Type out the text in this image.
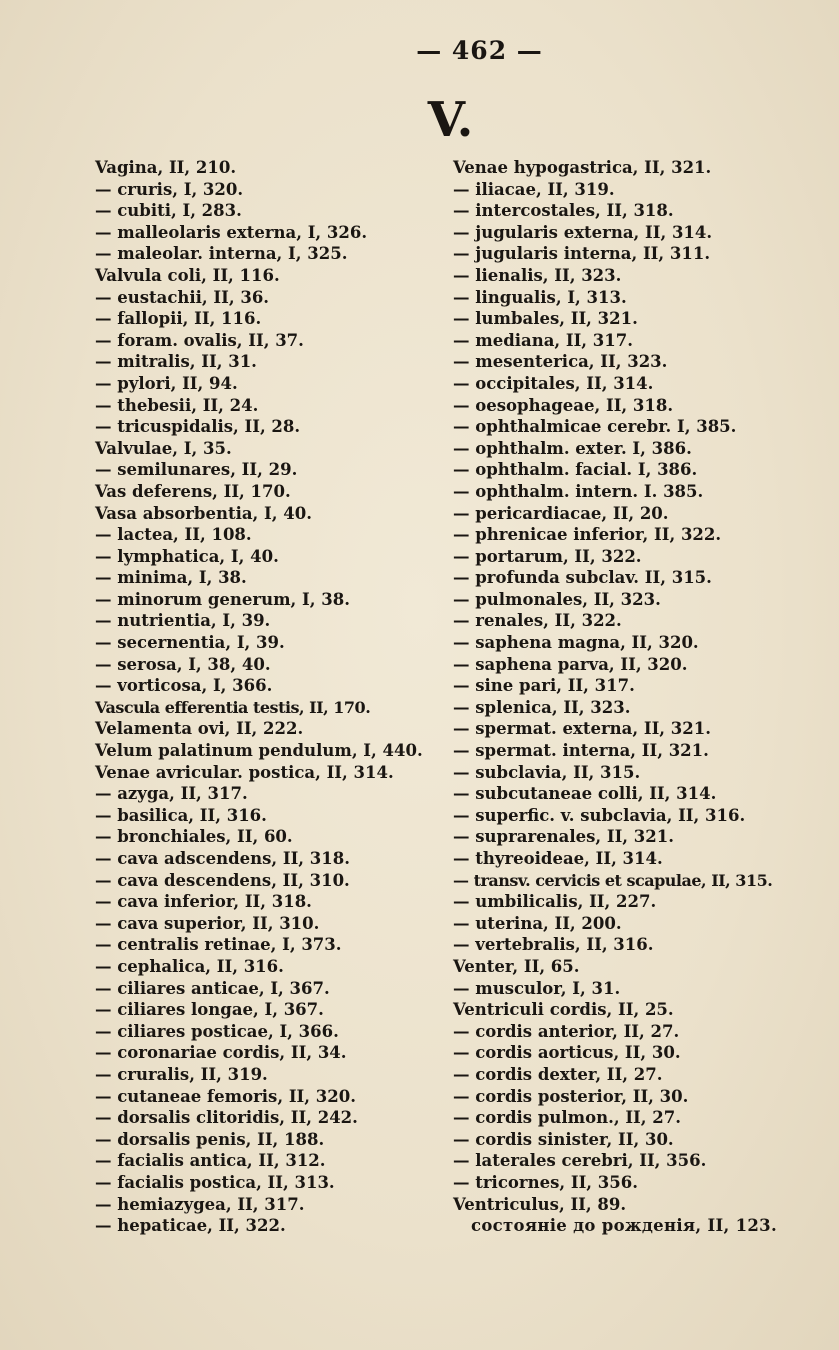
— 462 —
V.
Vagina, II, 210.
— cruris, I, 320.
— cubiti, I, 283.
— malleolaris externa, I, 326.
— maleolar. interna, I, 325.
Valvula coli, II, 116.
— eustachii, II, 36.
— fallopii, II, 116.
— foram. ovalis, II, 37.
— mitralis, II, 31.
— pylori, II, 94.
— thebesii, II, 24.
— tricuspidalis, II, 28.
Valvulae, I, 35.
— semilunares, II, 29.
Vas deferens, II, 170.
Vasa absorbentia, I, 40.
— lactea, II, 108.
— lymphatica, I, 40.
— minima, I, 38.
— minorum generum, I, 38.
— nutrientia, I, 39.
— secernentia, I, 39.
— serosa, I, 38, 40.
— vorticosa, I, 366.
Vascula efferentia testis, II, 170.
Velamenta ovi, II, 222.
Velum palatinum pendulum, I, 440.
Venae avricular. postica, II, 314.
— azyga, II, 317.
— basilica, II, 316.
— bronchiales, II, 60.
— cava adscendens, II, 318.
— cava descendens, II, 310.
— cava inferior, II, 318.
— cava superior, II, 310.
— centralis retinae, I, 373.
— cephalica, II, 316.
— ciliares anticae, I, 367.
— ciliares longae, I, 367.
— ciliares posticae, I, 366.
— coronariae cordis, II, 34.
— cruralis, II, 319.
— cutaneae femoris, II, 320.
— dorsalis clitoridis, II, 242.
— dorsalis penis, II, 188.
— facialis antica, II, 312.
— facialis postica, II, 313.
— hemiazygea, II, 317.
— hepaticae, II, 322.
Venae hypogastrica, II, 321.
— iliacae, II, 319.
— intercostales, II, 318.
— jugularis externa, II, 314.
— jugularis interna, II, 311.
— lienalis, II, 323.
— lingualis, I, 313.
— lumbales, II, 321.
— mediana, II, 317.
— mesenterica, II, 323.
— occipitales, II, 314.
— oesophageae, II, 318.
— ophthalmicae cerebr. I, 385.
— ophthalm. exter. I, 386.
— ophthalm. facial. I, 386.
— ophthalm. intern. I. 385.
— pericardiacae, II, 20.
— phrenicae inferior, II, 322.
— portarum, II, 322.
— profunda subclav. II, 315.
— pulmonales, II, 323.
— renales, II, 322.
— saphena magna, II, 320.
— saphena parva, II, 320.
— sine pari, II, 317.
— splenica, II, 323.
— spermat. externa, II, 321.
— spermat. interna, II, 321.
— subclavia, II, 315.
— subcutaneae colli, II, 314.
— superfic. v. subclavia, II, 316.
— suprarenales, II, 321.
— thyreoideae, II, 314.
— transv. cervicis et scapulae, II, 315.
— umbilicalis, II, 227.
— uterina, II, 200.
— vertebralis, II, 316.
Venter, II, 65.
— musculor, I, 31.
Ventriculi cordis, II, 25.
— cordis anterior, II, 27.
— cordis aorticus, II, 30.
— cordis dexter, II, 27.
— cordis posterior, II, 30.
— cordis pulmon., II, 27.
— cordis sinister, II, 30.
— laterales cerebri, II, 356.
— tricornes, II, 356.
Ventriculus, II, 89.
состоянiе до рожденiя, II, 123.
